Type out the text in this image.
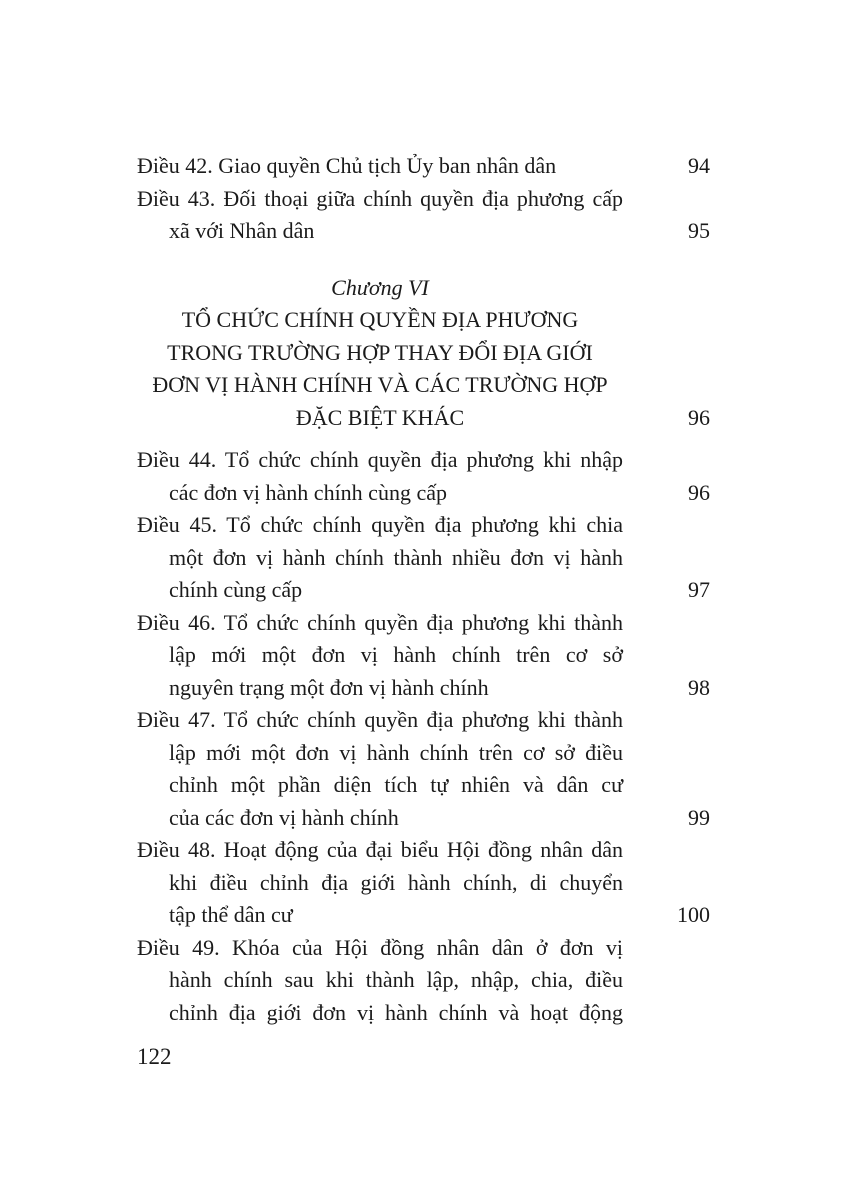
Điều 42. Giao quyền Chủ tịch Ủy ban nhân dân	94
Điều 43. Đối thoại giữa chính quyền địa phương cấp
xã với Nhân dân	95
Chương VI
TỔ CHỨC CHÍNH QUYỀN ĐỊA PHƯƠNG
TRONG TRƯỜNG HỢP THAY ĐỔI ĐỊA GIỚI
ĐƠN VỊ HÀNH CHÍNH VÀ CÁC TRƯỜNG HỢP
ĐẶC BIỆT KHÁC	96
Điều 44. Tổ chức chính quyền địa phương khi nhập
các đơn vị hành chính cùng cấp	96
Điều 45. Tổ chức chính quyền địa phương khi chia
một đơn vị hành chính thành nhiều đơn vị hành
chính cùng cấp	97
Điều 46. Tổ chức chính quyền địa phương khi thành
lập mới một đơn vị hành chính trên cơ sở
nguyên trạng một đơn vị hành chính	98
Điều 47. Tổ chức chính quyền địa phương khi thành
lập mới một đơn vị hành chính trên cơ sở điều
chỉnh một phần diện tích tự nhiên và dân cư
của các đơn vị hành chính	99
Điều 48. Hoạt động của đại biểu Hội đồng nhân dân
khi điều chỉnh địa giới hành chính, di chuyển
tập thể dân cư	100
Điều 49. Khóa của Hội đồng nhân dân ở đơn vị
hành chính sau khi thành lập, nhập, chia, điều
chỉnh địa giới đơn vị hành chính và hoạt động
122
